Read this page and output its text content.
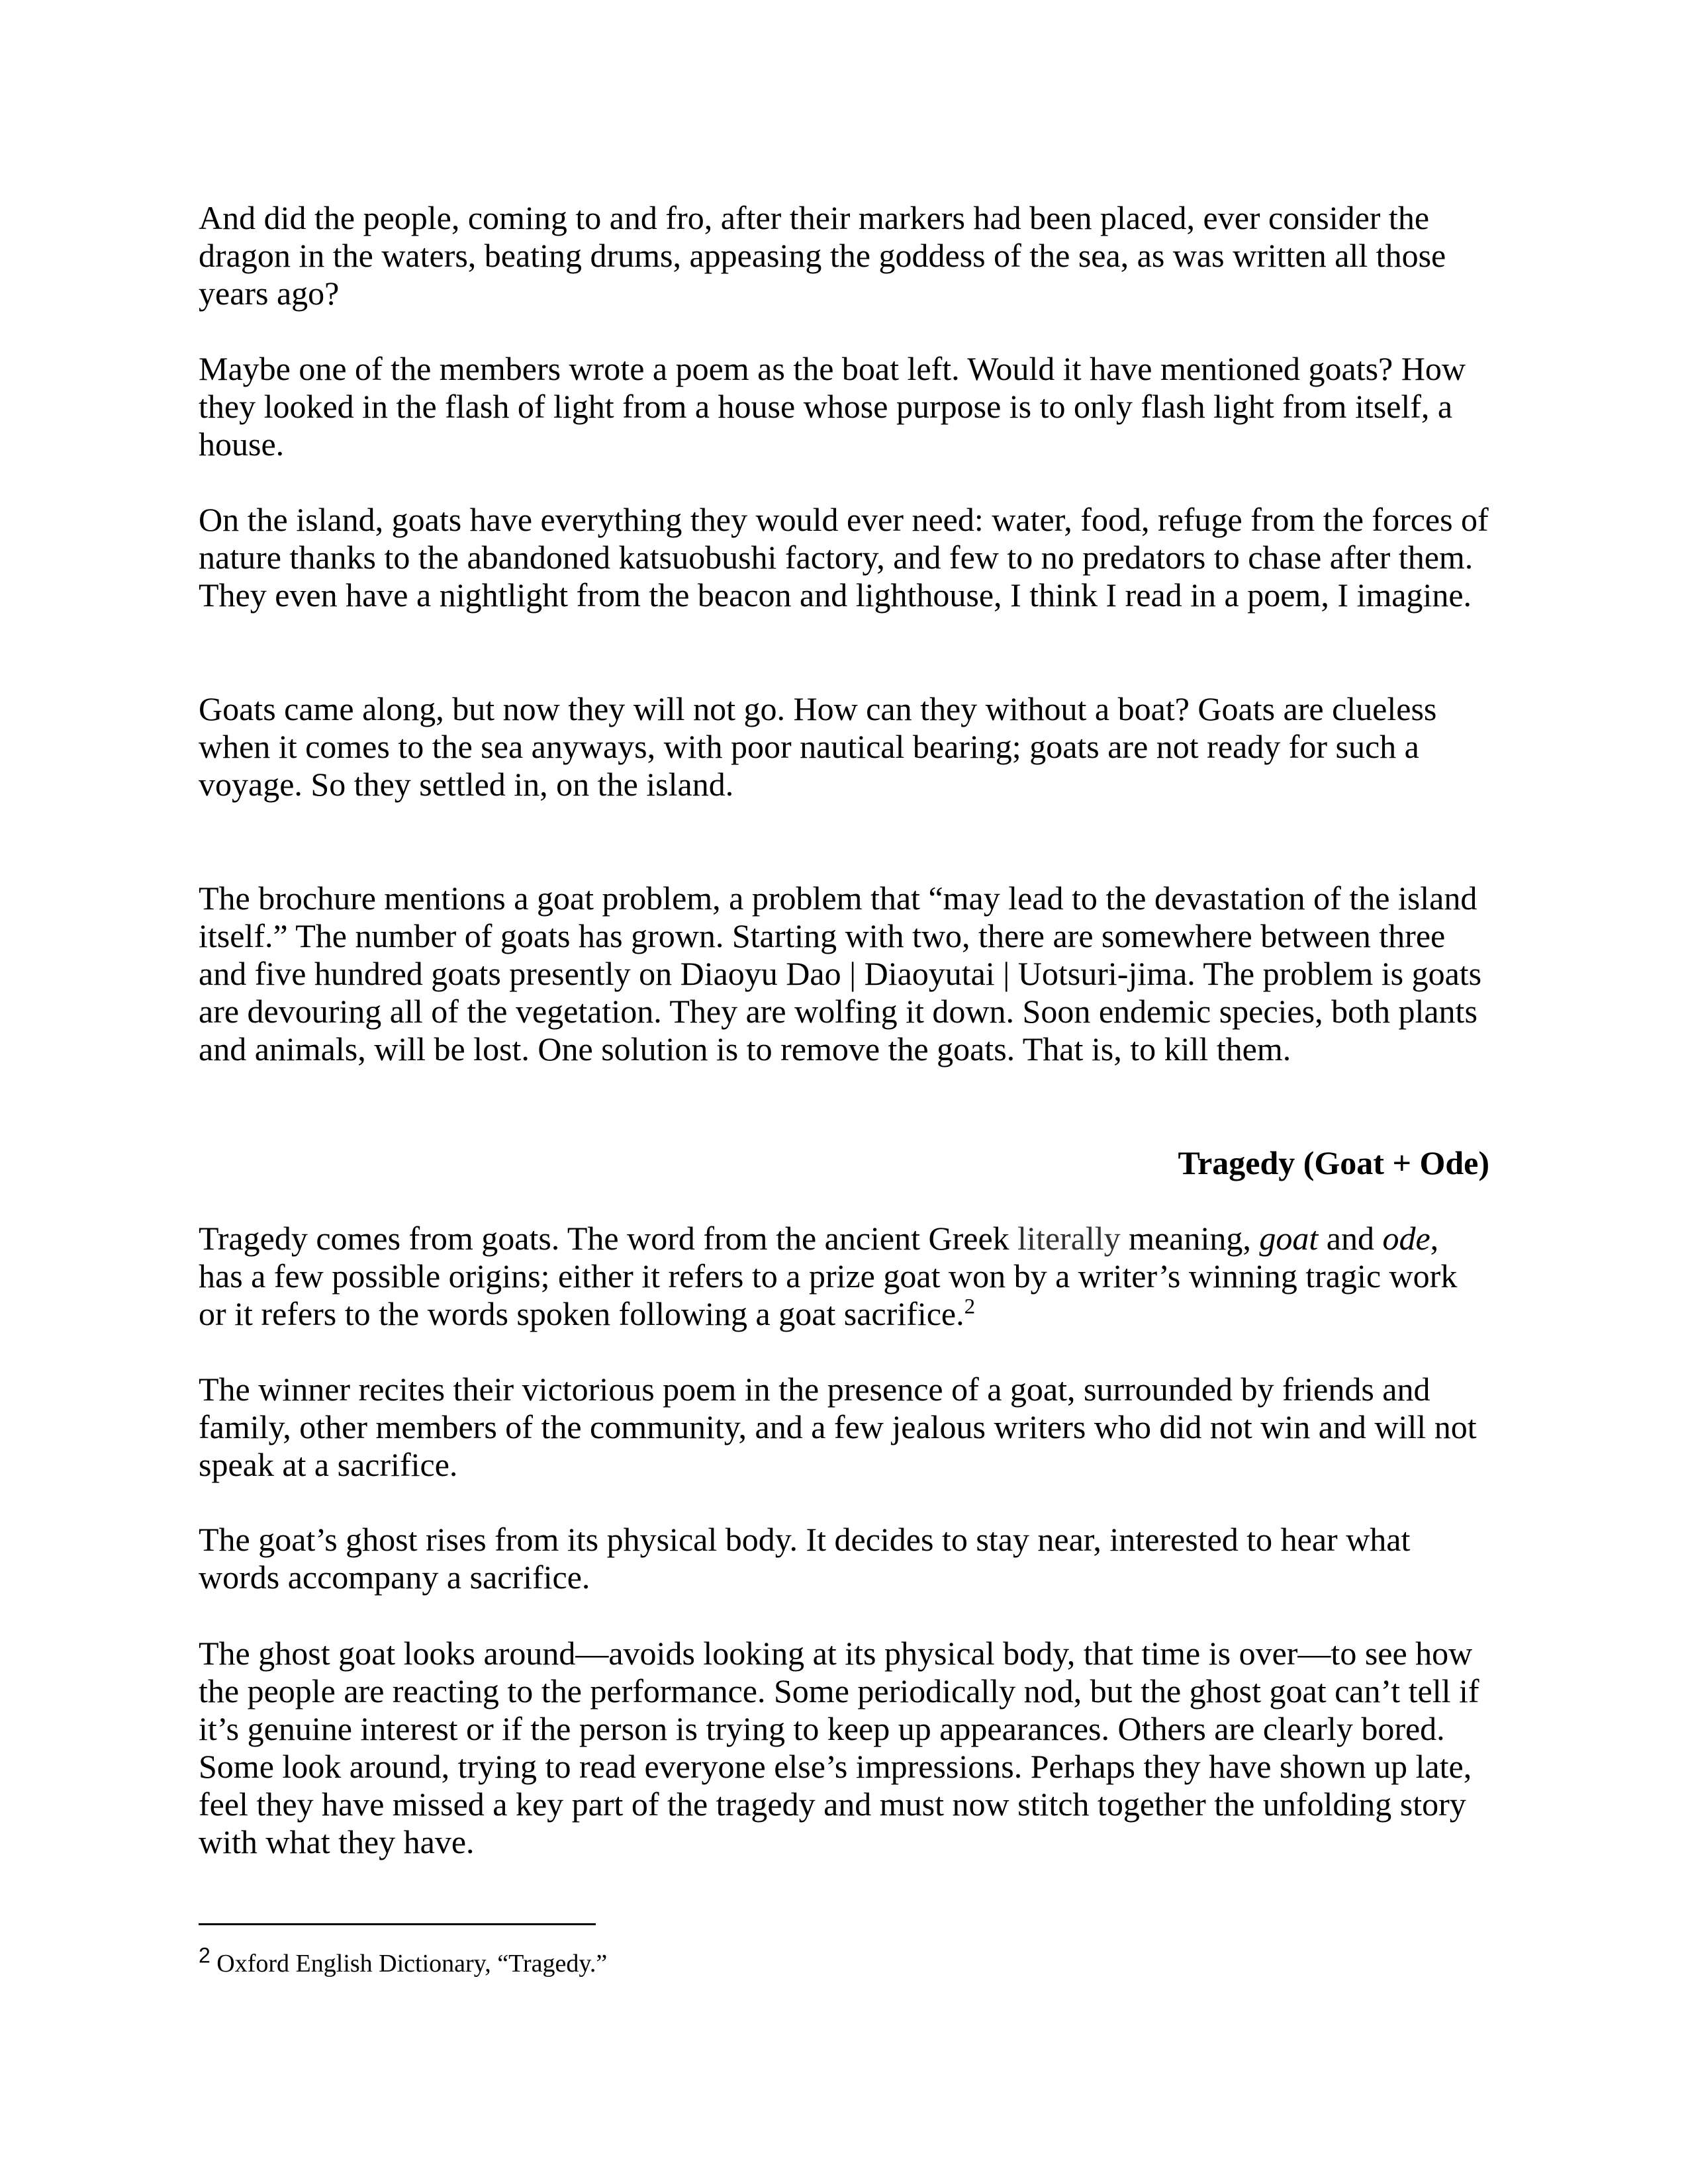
And did the people, coming to and fro, after their markers had been placed, ever consider the dragon in the waters, beating drums, appeasing the goddess of the sea, as was written all those years ago?

Maybe one of the members wrote a poem as the boat left. Would it have mentioned goats? How they looked in the flash of light from a house whose purpose is to only flash light from itself, a house.

On the island, goats have everything they would ever need: water, food, refuge from the forces of nature thanks to the abandoned katsuobushi factory, and few to no predators to chase after them. They even have a nightlight from the beacon and lighthouse, I think I read in a poem, I imagine.

Goats came along, but now they will not go. How can they without a boat? Goats are clueless when it comes to the sea anyways, with poor nautical bearing; goats are not ready for such a voyage. So they settled in, on the island.

The brochure mentions a goat problem, a problem that “may lead to the devastation of the island itself.” The number of goats has grown. Starting with two, there are somewhere between three and five hundred goats presently on Diaoyu Dao | Diaoyutai | Uotsuri-jima. The problem is goats are devouring all of the vegetation. They are wolfing it down. Soon endemic species, both plants and animals, will be lost. One solution is to remove the goats. That is, to kill them.

Tragedy (Goat + Ode)

Tragedy comes from goats. The word from the ancient Greek literally meaning, goat and ode, has a few possible origins; either it refers to a prize goat won by a writer’s winning tragic work or it refers to the words spoken following a goat sacrifice.$^2$

The winner recites their victorious poem in the presence of a goat, surrounded by friends and family, other members of the community, and a few jealous writers who did not win and will not speak at a sacrifice.

The goat’s ghost rises from its physical body. It decides to stay near, interested to hear what words accompany a sacrifice.

The ghost goat looks around—avoids looking at its physical body, that time is over—to see how the people are reacting to the performance. Some periodically nod, but the ghost goat can’t tell if it’s genuine interest or if the person is trying to keep up appearances. Others are clearly bored. Some look around, trying to read everyone else’s impressions. Perhaps they have shown up late, feel they have missed a key part of the tragedy and must now stitch together the unfolding story with what they have.

$^2$ Oxford English Dictionary, “Tragedy.”
